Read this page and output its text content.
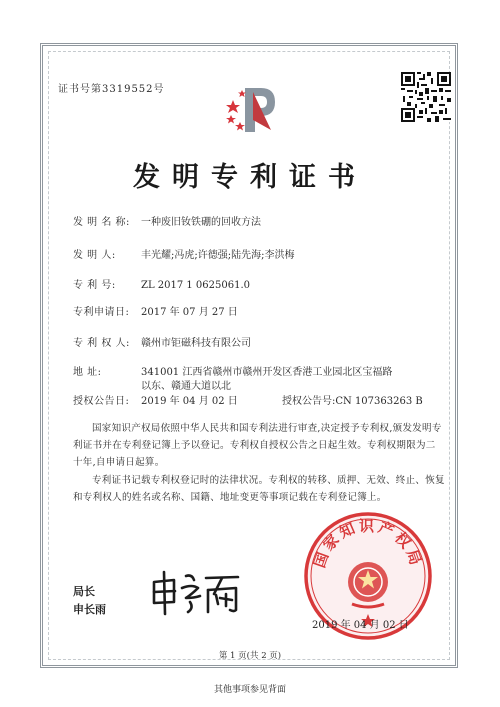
证书号第3319552号
发明专利证书
发 明 名 称: 一种废旧钕铁硼的回收方法
发 明 人:	丰光耀;冯虎;许德强;陆先海;李洪梅
专 利 号:	ZL 2017 1 0625061.0
专利申请日: 2017 年 07 月 27 日
专 利 权 人: 赣州市钜磁科技有限公司
地 址:	341001 江西省赣州市赣州开发区香港工业园北区宝福路
以东、赣通大道以北
授权公告日: 2019 年 04 月 02 日	授权公告号:CN 107363263 B
国家知识产权局依照中华人民共和国专利法进行审查,决定授予专利权,颁发发明专利证书并在专利登记簿上予以登记。专利权自授权公告之日起生效。专利权期限为二十年,自申请日起算。
专利证书记载专利权登记时的法律状况。专利权的转移、质押、无效、终止、恢复和专利权人的姓名或名称、国籍、地址变更等事项记载在专利登记簿上。
局长
申长雨
国家知识产权局
2019 年 04 月 02 日
第 1 页(共 2 页)
其他事项参见背面
